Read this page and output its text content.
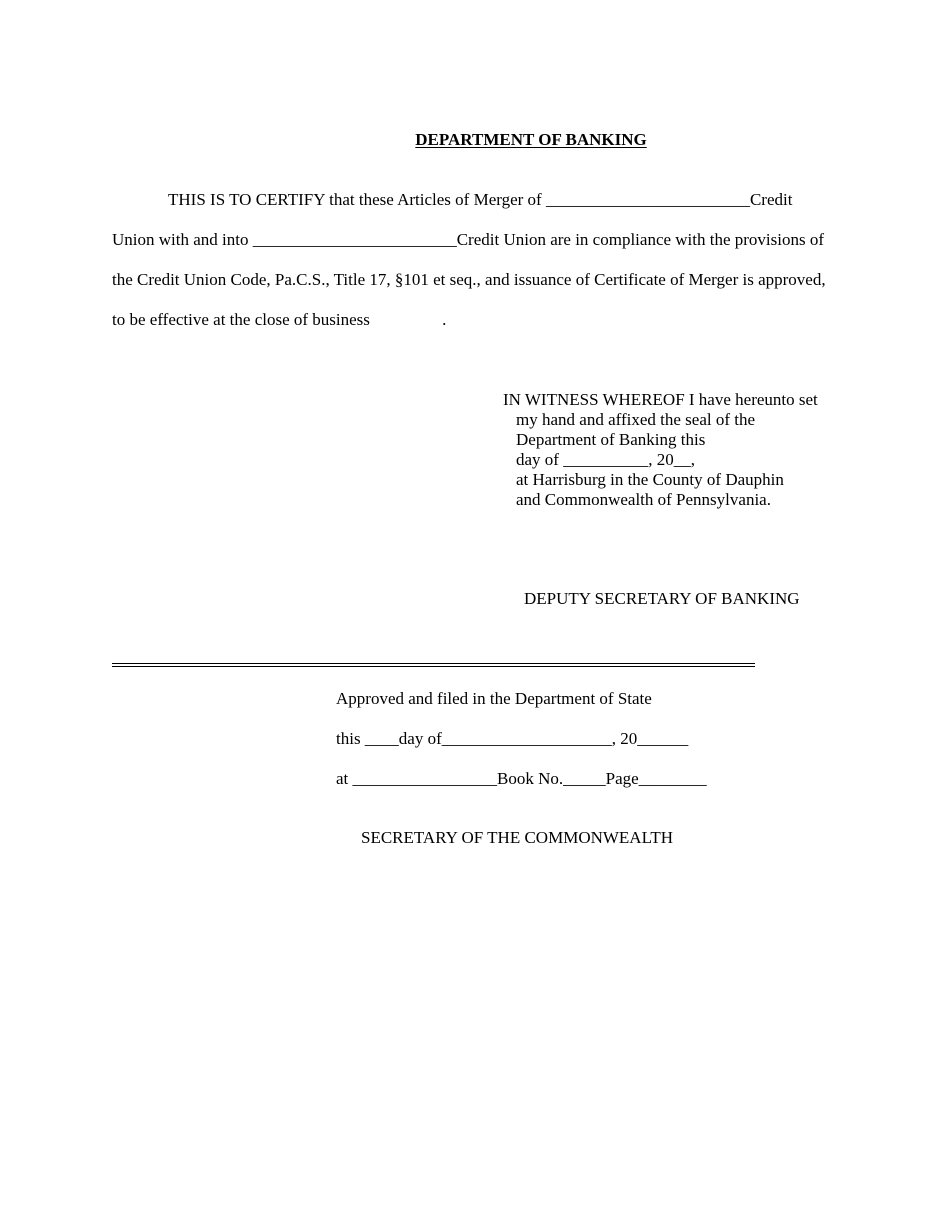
DEPARTMENT OF BANKING
THIS IS TO CERTIFY that these Articles of Merger of ________________________Credit
Union with and into ________________________Credit Union are in compliance with the provisions of
the Credit Union Code, Pa.C.S., Title 17, §101 et seq., and issuance of Certificate of Merger is approved,
to be effective at the close of business                 .
IN WITNESS WHEREOF I have hereunto set
my hand and affixed the seal of the
Department of Banking this
day of __________, 20__,
at Harrisburg in the County of Dauphin
and Commonwealth of Pennsylvania.
DEPUTY SECRETARY OF BANKING
Approved and filed in the Department of State
this ____day of____________________, 20______
at _________________Book No._____Page________
SECRETARY OF THE COMMONWEALTH
